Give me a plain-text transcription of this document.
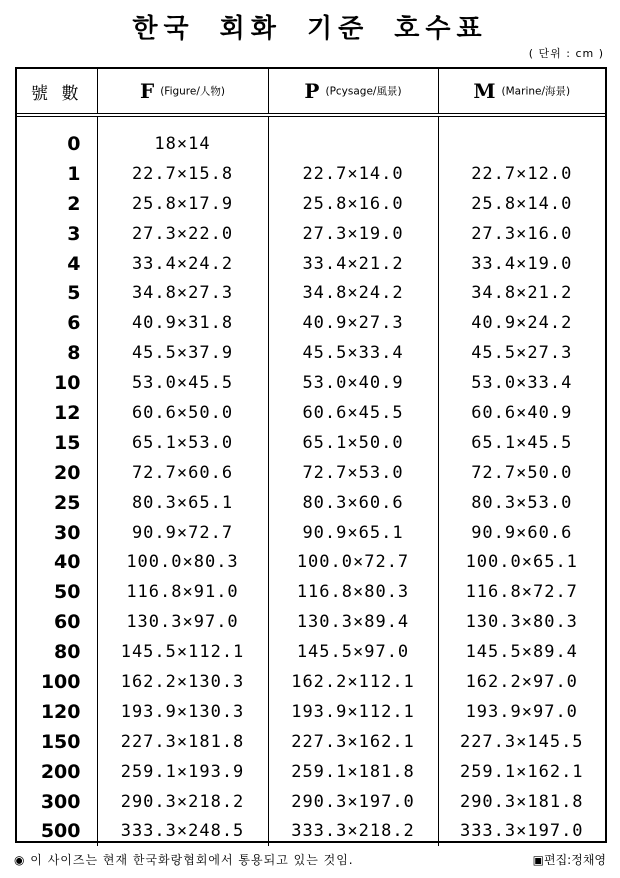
한국 회화 기준 호수표
( 단위 : cm )
號 數	F (Figure/人物)	P (Pcysage/風景)	M (Marine/海景)
0	18×14		
1	22.7×15.8	22.7×14.0	22.7×12.0
2	25.8×17.9	25.8×16.0	25.8×14.0
3	27.3×22.0	27.3×19.0	27.3×16.0
4	33.4×24.2	33.4×21.2	33.4×19.0
5	34.8×27.3	34.8×24.2	34.8×21.2
6	40.9×31.8	40.9×27.3	40.9×24.2
8	45.5×37.9	45.5×33.4	45.5×27.3
10	53.0×45.5	53.0×40.9	53.0×33.4
12	60.6×50.0	60.6×45.5	60.6×40.9
15	65.1×53.0	65.1×50.0	65.1×45.5
20	72.7×60.6	72.7×53.0	72.7×50.0
25	80.3×65.1	80.3×60.6	80.3×53.0
30	90.9×72.7	90.9×65.1	90.9×60.6
40	100.0×80.3	100.0×72.7	100.0×65.1
50	116.8×91.0	116.8×80.3	116.8×72.7
60	130.3×97.0	130.3×89.4	130.3×80.3
80	145.5×112.1	145.5×97.0	145.5×89.4
100	162.2×130.3	162.2×112.1	162.2×97.0
120	193.9×130.3	193.9×112.1	193.9×97.0
150	227.3×181.8	227.3×162.1	227.3×145.5
200	259.1×193.9	259.1×181.8	259.1×162.1
300	290.3×218.2	290.3×197.0	290.3×181.8
500	333.3×248.5	333.3×218.2	333.3×197.0
◉ 이 사이즈는 현재 한국화랑협회에서 통용되고 있는 것임.	▣편집:정채영
